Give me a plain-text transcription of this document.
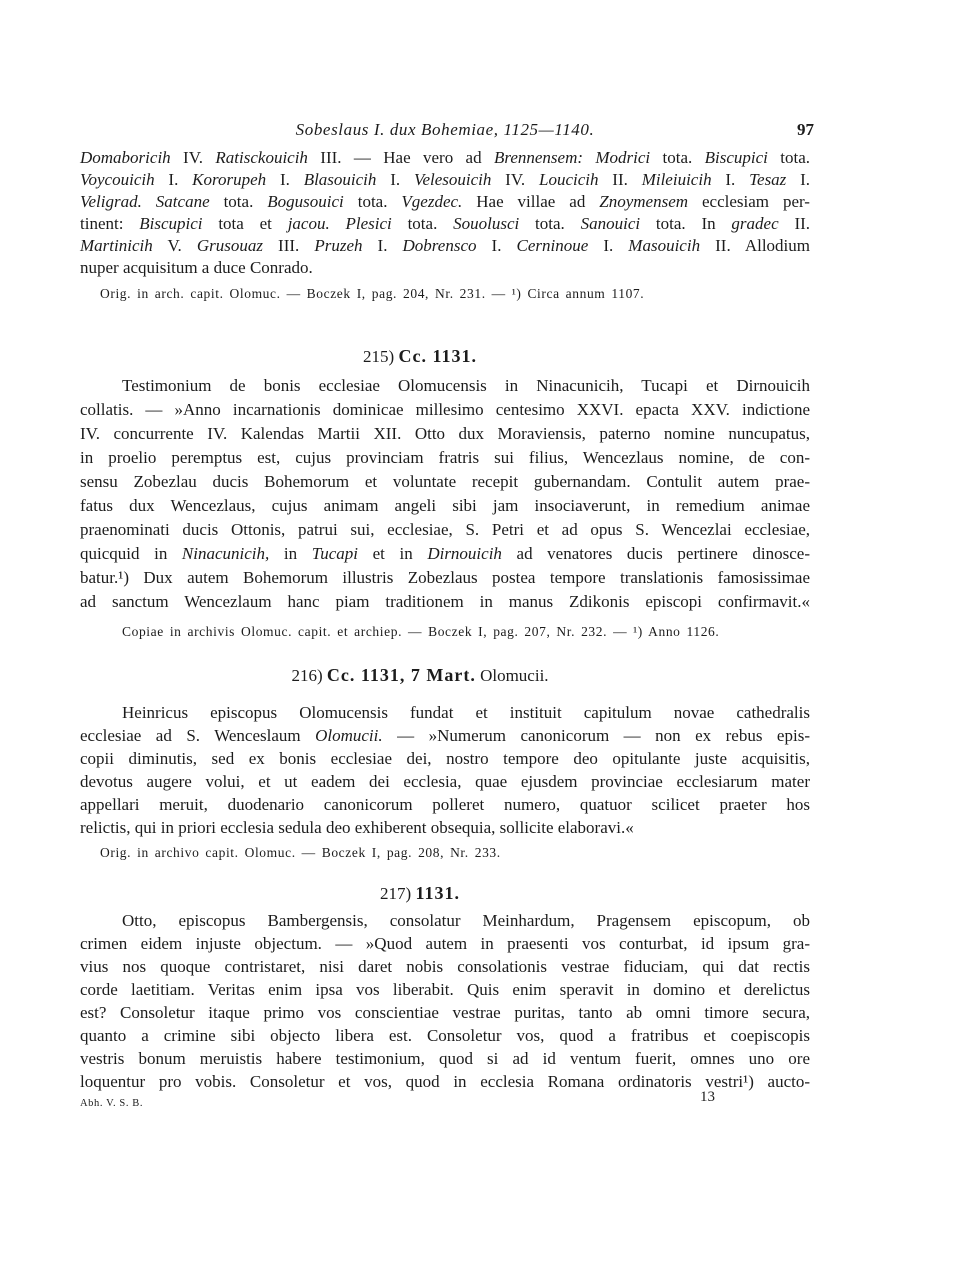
Sobeslaus I. dux Bohemiae, 1125—1140.	97
Domaboricih IV. Ratisckouicih III. — Hae vero ad Brennensem: Modrici tota. Biscupici tota.
Voycouicih I. Kororupeh I. Blasouicih I. Velesouicih IV. Loucicih II. Mileiuicih I. Tesaz I.
Veligrad. Satcane tota. Bogusouici tota. Vgezdec. Hae villae ad Znoymensem ecclesiam per-
tinent: Biscupici tota et jacou. Plesici tota. Souolusci tota. Sanouici tota. In gradec II.
Martinicih V. Grusouaz III. Pruzeh I. Dobrensco I. Cerninoue I. Masouicih II. Allodium
nuper acquisitum a duce Conrado.
Orig. in arch. capit. Olomuc. — Boczek I, pag. 204, Nr. 231. — ¹) Circa annum 1107.
215) Cc. 1131.
Testimonium de bonis ecclesiae Olomucensis in Ninacunicih, Tucapi et Dirnouicih
collatis. — »Anno incarnationis dominicae millesimo centesimo XXVI. epacta XXV. indictione
IV. concurrente IV. Kalendas Martii XII. Otto dux Moraviensis, paterno nomine nuncupatus,
in proelio peremptus est, cujus provinciam fratris sui filius, Wencezlaus nomine, de con-
sensu Zobezlau ducis Bohemorum et voluntate recepit gubernandam. Contulit autem prae-
fatus dux Wencezlaus, cujus animam angeli sibi jam insociaverunt, in remedium animae
praenominati ducis Ottonis, patrui sui, ecclesiae, S. Petri et ad opus S. Wencezlai ecclesiae,
quicquid in Ninacunicih, in Tucapi et in Dirnouicih ad venatores ducis pertinere dinosce-
batur.¹) Dux autem Bohemorum illustris Zobezlaus postea tempore translationis famosissimae
ad sanctum Wencezlaum hanc piam traditionem in manus Zdikonis episcopi confirmavit.«
Copiae in archivis Olomuc. capit. et archiep. — Boczek I, pag. 207, Nr. 232. — ¹) Anno 1126.
216) Cc. 1131, 7 Mart. Olomucii.
Heinricus episcopus Olomucensis fundat et instituit capitulum novae cathedralis
ecclesiae ad S. Wenceslaum Olomucii. — »Numerum canonicorum — non ex rebus epis-
copii diminutis, sed ex bonis ecclesiae dei, nostro tempore deo opitulante juste acquisitis,
devotus augere volui, et ut eadem dei ecclesia, quae ejusdem provinciae ecclesiarum mater
appellari meruit, duodenario canonicorum polleret numero, quatuor scilicet praeter hos
relictis, qui in priori ecclesia sedula deo exhiberent obsequia, sollicite elaboravi.«
Orig. in archivo capit. Olomuc. — Boczek I, pag. 208, Nr. 233.
217) 1131.
Otto, episcopus Bambergensis, consolatur Meinhardum, Pragensem episcopum, ob
crimen eidem injuste objectum. — »Quod autem in praesenti vos conturbat, id ipsum gra-
vius nos quoque contristaret, nisi daret nobis consolationis vestrae fiduciam, qui dat rectis
corde laetitiam. Veritas enim ipsa vos liberabit. Quis enim speravit in domino et derelictus
est? Consoletur itaque primo vos conscientiae vestrae puritas, tanto ab omni timore secura,
quanto a crimine sibi objecto libera est. Consoletur vos, quod a fratribus et coepiscopis
vestris bonum meruistis habere testimonium, quod si ad id ventum fuerit, omnes uno ore
loquentur pro vobis. Consoletur et vos, quod in ecclesia Romana ordinatoris vestri¹) aucto-
Abh. V. S. B.	13
